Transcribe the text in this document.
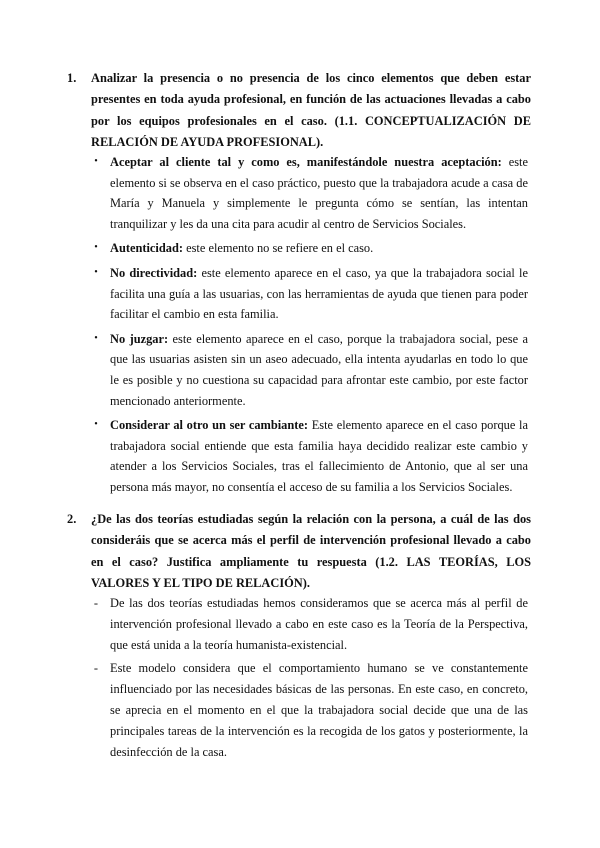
1. Analizar la presencia o no presencia de los cinco elementos que deben estar presentes en toda ayuda profesional, en función de las actuaciones llevadas a cabo por los equipos profesionales en el caso. (1.1. CONCEPTUALIZACIÓN DE RELACIÓN DE AYUDA PROFESIONAL).
• Aceptar al cliente tal y como es, manifestándole nuestra aceptación: este elemento si se observa en el caso práctico, puesto que la trabajadora acude a casa de María y Manuela y simplemente le pregunta cómo se sentían, las intentan tranquilizar y les da una cita para acudir al centro de Servicios Sociales.
• Autenticidad: este elemento no se refiere en el caso.
• No directividad: este elemento aparece en el caso, ya que la trabajadora social le facilita una guía a las usuarias, con las herramientas de ayuda que tienen para poder facilitar el cambio en esta familia.
• No juzgar: este elemento aparece en el caso, porque la trabajadora social, pese a que las usuarias asisten sin un aseo adecuado, ella intenta ayudarlas en todo lo que le es posible y no cuestiona su capacidad para afrontar este cambio, por este factor mencionado anteriormente.
• Considerar al otro un ser cambiante: Este elemento aparece en el caso porque la trabajadora social entiende que esta familia haya decidido realizar este cambio y atender a los Servicios Sociales, tras el fallecimiento de Antonio, que al ser una persona más mayor, no consentía el acceso de su familia a los Servicios Sociales.
2. ¿De las dos teorías estudiadas según la relación con la persona, a cuál de las dos consideráis que se acerca más el perfil de intervención profesional llevado a cabo en el caso? Justifica ampliamente tu respuesta (1.2. LAS TEORÍAS, LOS VALORES Y EL TIPO DE RELACIÓN).
- De las dos teorías estudiadas hemos consideramos que se acerca más al perfil de intervención profesional llevado a cabo en este caso es la Teoría de la Perspectiva, que está unida a la teoría humanista-existencial.
- Este modelo considera que el comportamiento humano se ve constantemente influenciado por las necesidades básicas de las personas. En este caso, en concreto, se aprecia en el momento en el que la trabajadora social decide que una de las principales tareas de la intervención es la recogida de los gatos y posteriormente, la desinfección de la casa.
